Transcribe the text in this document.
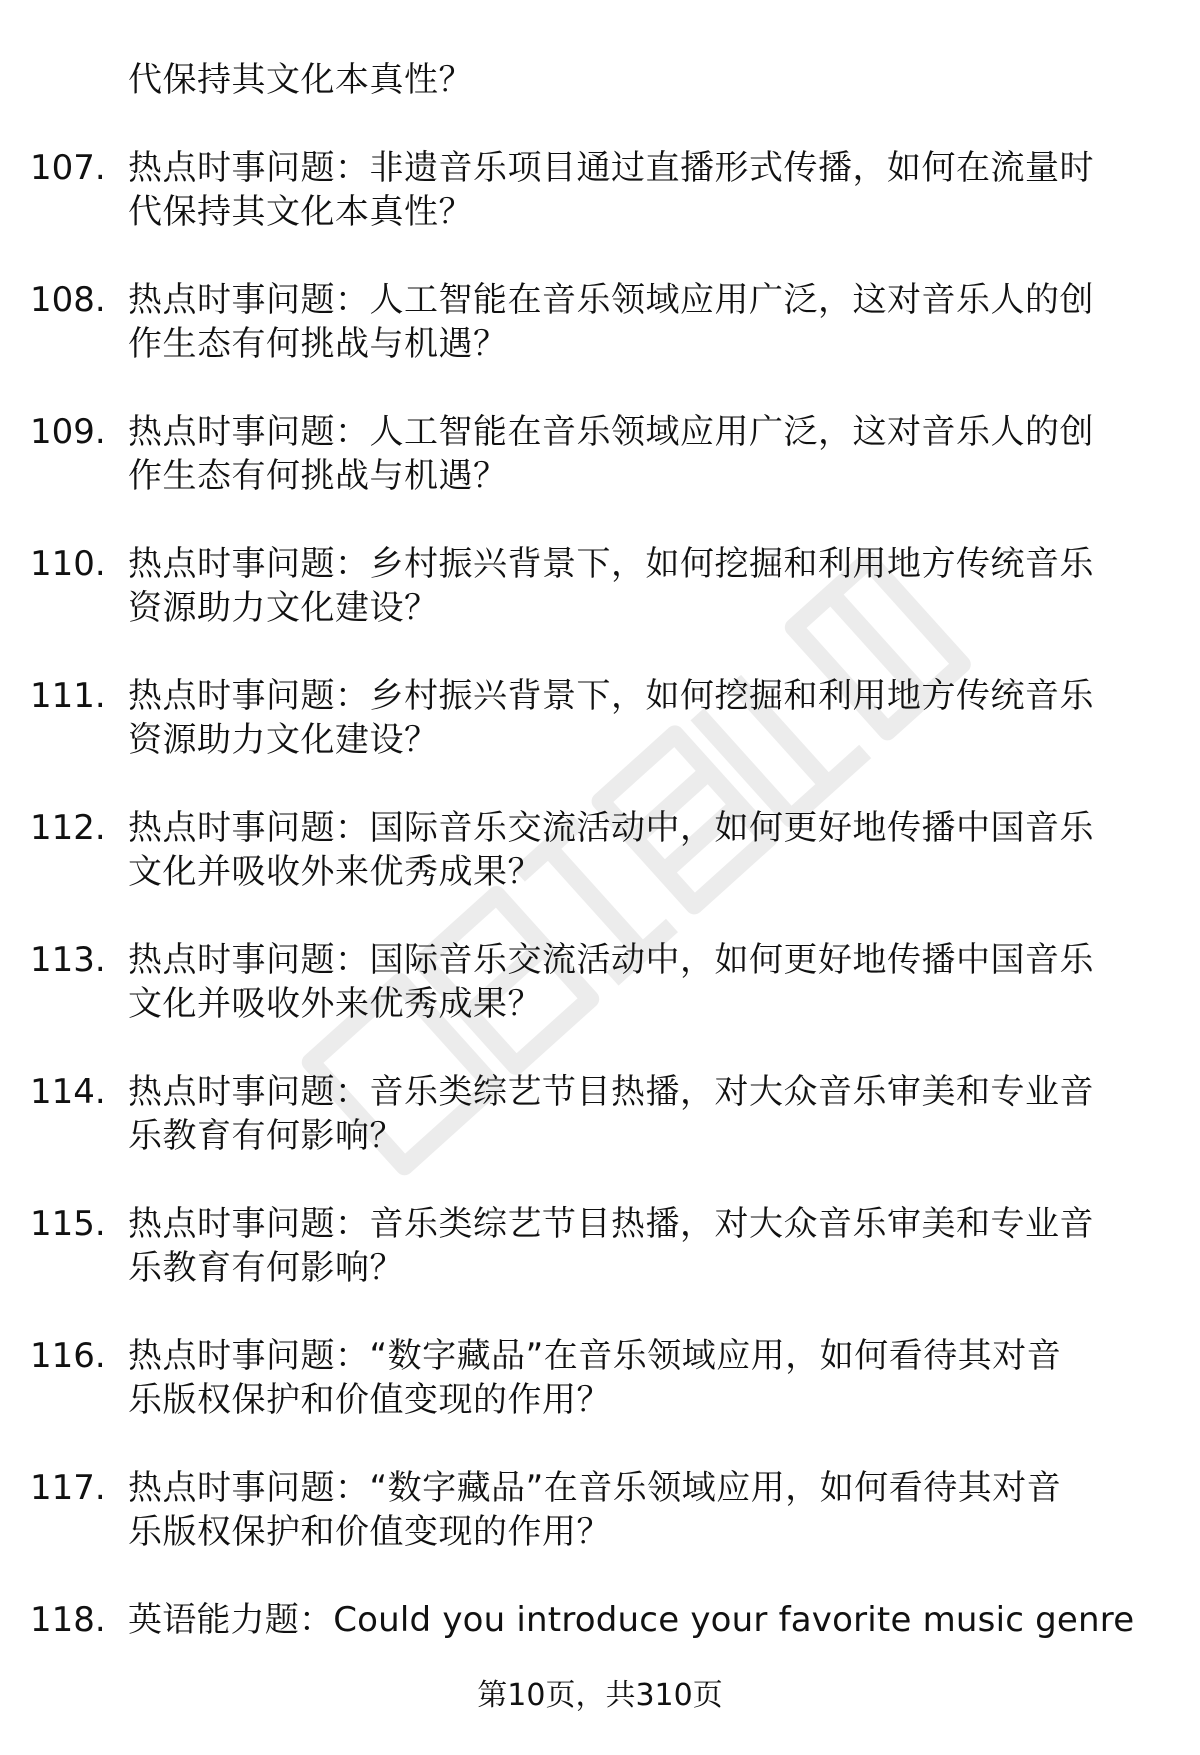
代保持其文化本真性？
107. 热点时事问题：非遗音乐项目通过直播形式传播，如何在流量时
代保持其文化本真性？
108. 热点时事问题：人工智能在音乐领域应用广泛，这对音乐人的创
作生态有何挑战与机遇？
109. 热点时事问题：人工智能在音乐领域应用广泛，这对音乐人的创
作生态有何挑战与机遇？
110. 热点时事问题：乡村振兴背景下，如何挖掘和利用地方传统音乐
资源助力文化建设？
111. 热点时事问题：乡村振兴背景下，如何挖掘和利用地方传统音乐
资源助力文化建设？
112. 热点时事问题：国际音乐交流活动中，如何更好地传播中国音乐
文化并吸收外来优秀成果？
113. 热点时事问题：国际音乐交流活动中，如何更好地传播中国音乐
文化并吸收外来优秀成果？
114. 热点时事问题：音乐类综艺节目热播，对大众音乐审美和专业音
乐教育有何影响？
115. 热点时事问题：音乐类综艺节目热播，对大众音乐审美和专业音
乐教育有何影响？
116. 热点时事问题：“数字藏品”在音乐领域应用，如何看待其对音
乐版权保护和价值变现的作用？
117. 热点时事问题：“数字藏品”在音乐领域应用，如何看待其对音
乐版权保护和价值变现的作用？
118. 英语能力题：Could you introduce your favorite music genre
第10页，共310页
